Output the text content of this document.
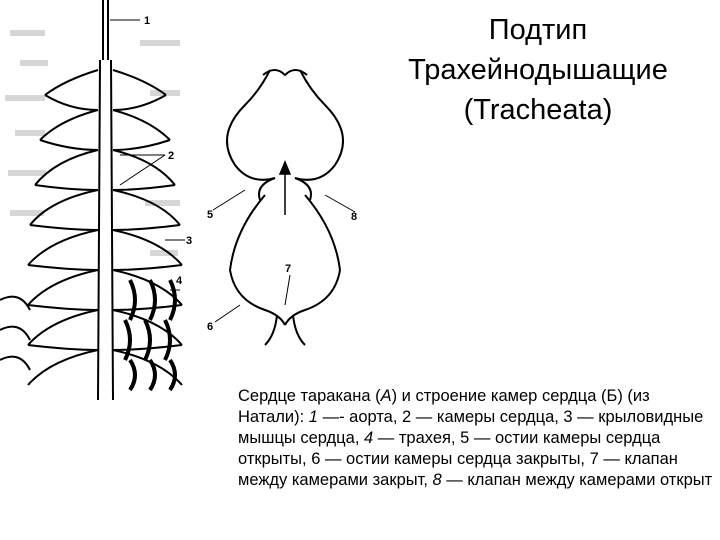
1
2
3
4
5
7
8
6
Подтип
Трахейнодышащие
(Tracheata)
Сердце таракана (А) и строение камер сердца (Б) (из Натали): 1 —- аорта, 2 — камеры сердца, 3 — крыловидные мышцы сердца, 4 — трахея, 5 — остии камеры сердца открыты, 6 — остии камеры сердца закрыты, 7 — клапан между камерами закрыт, 8 — клапан между камерами открыт
